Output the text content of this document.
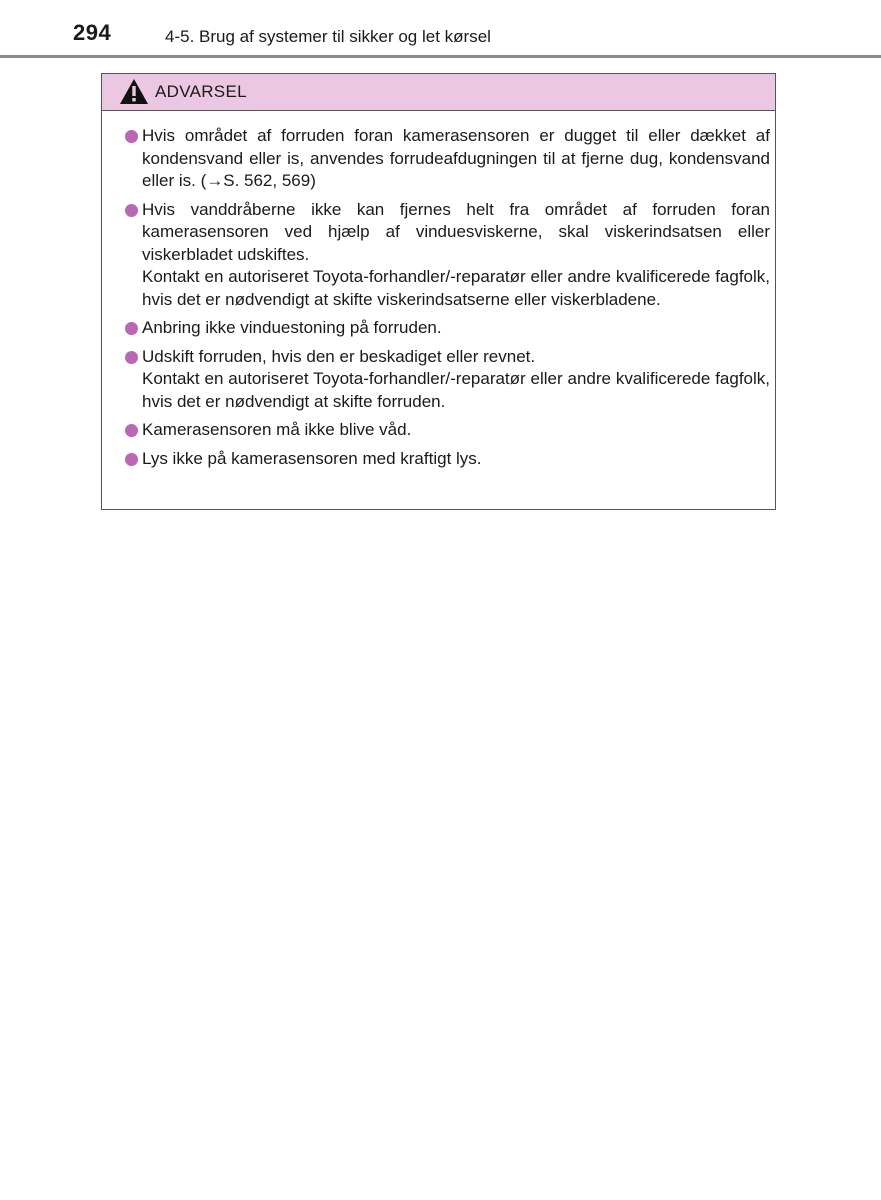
294	4-5. Brug af systemer til sikker og let kørsel
ADVARSEL
Hvis området af forruden foran kamerasensoren er dugget til eller dækket af kondensvand eller is, anvendes forrudeafdugningen til at fjerne dug, kondensvand eller is. (→S. 562, 569)
Hvis vanddråberne ikke kan fjernes helt fra området af forruden foran kamerasensoren ved hjælp af vinduesviskerne, skal viskerindsatsen eller viskerbladet udskiftes.
Kontakt en autoriseret Toyota-forhandler/-reparatør eller andre kvalificerede fagfolk, hvis det er nødvendigt at skifte viskerindsatserne eller viskerbladene.
Anbring ikke vinduestoning på forruden.
Udskift forruden, hvis den er beskadiget eller revnet.
Kontakt en autoriseret Toyota-forhandler/-reparatør eller andre kvalificerede fagfolk, hvis det er nødvendigt at skifte forruden.
Kamerasensoren må ikke blive våd.
Lys ikke på kamerasensoren med kraftigt lys.
